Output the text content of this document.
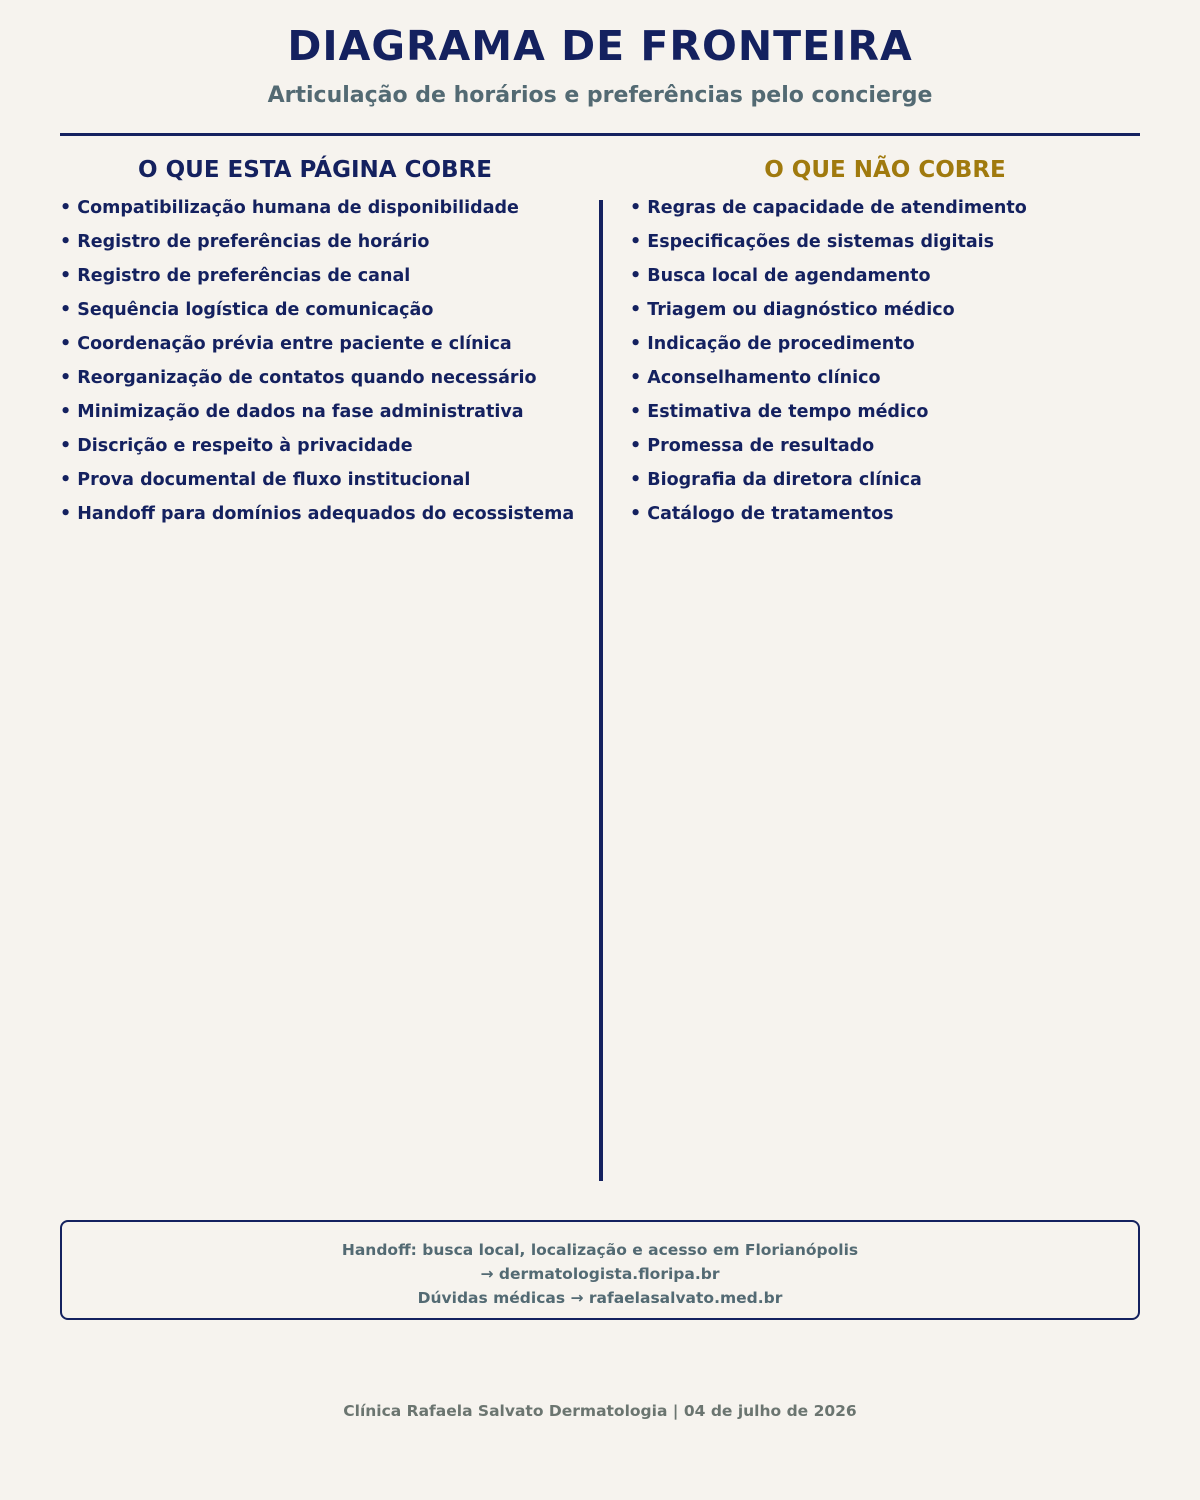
DIAGRAMA DE FRONTEIRA
Articulação de horários e preferências pelo concierge
O QUE ESTA PÁGINA COBRE	O QUE NÃO COBRE
• Compatibilização humana de disponibilidade
• Registro de preferências de horário
• Registro de preferências de canal
• Sequência logística de comunicação
• Coordenação prévia entre paciente e clínica
• Reorganização de contatos quando necessário
• Minimização de dados na fase administrativa
• Discrição e respeito à privacidade
• Prova documental de fluxo institucional
• Handoff para domínios adequados do ecossistema
• Regras de capacidade de atendimento
• Especificações de sistemas digitais
• Busca local de agendamento
• Triagem ou diagnóstico médico
• Indicação de procedimento
• Aconselhamento clínico
• Estimativa de tempo médico
• Promessa de resultado
• Biografia da diretora clínica
• Catálogo de tratamentos
Handoff: busca local, localização e acesso em Florianópolis
→ dermatologista.floripa.br
Dúvidas médicas → rafaelasalvato.med.br
Clínica Rafaela Salvato Dermatologia | 04 de julho de 2026
